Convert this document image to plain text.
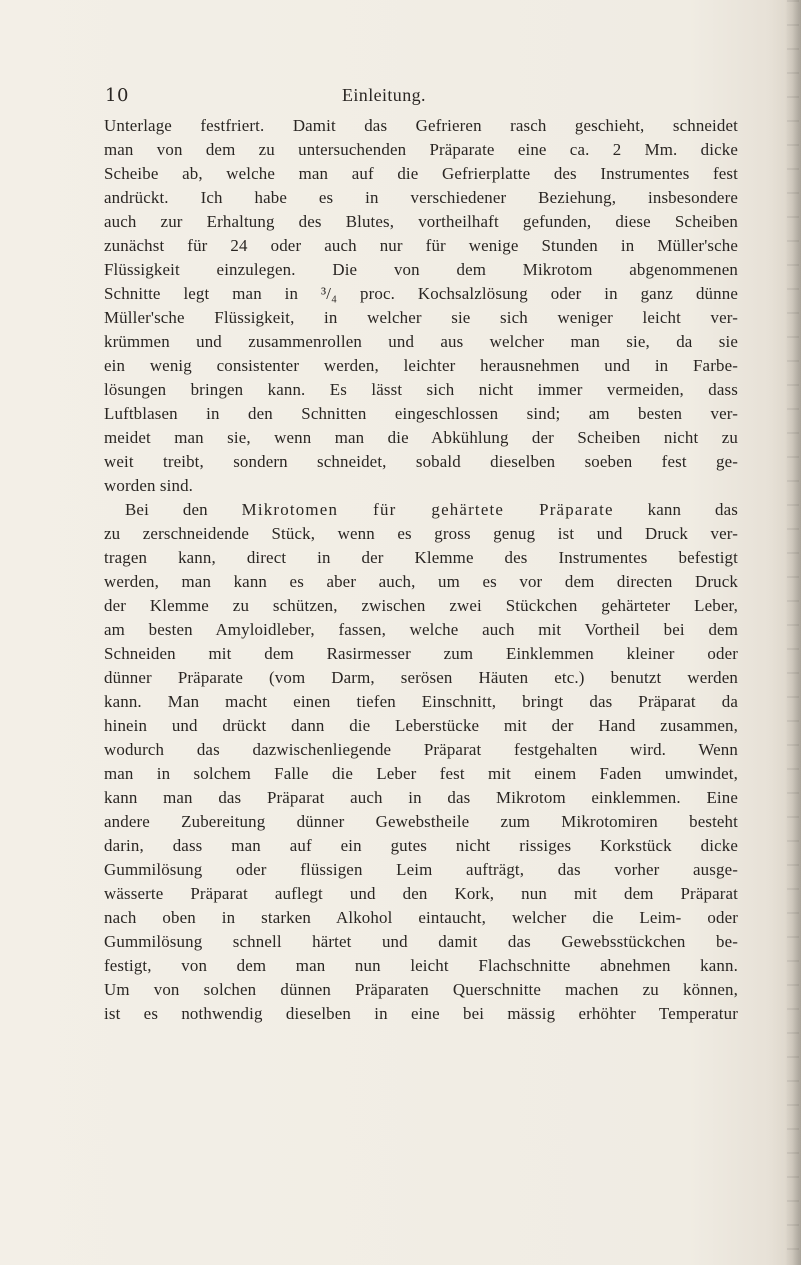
10	Einleitung.
Unterlage festfriert. Damit das Gefrieren rasch geschieht, schneidet
man von dem zu untersuchenden Präparate eine ca. 2 Mm. dicke
Scheibe ab, welche man auf die Gefrierplatte des Instrumentes fest
andrückt. Ich habe es in verschiedener Beziehung, insbesondere
auch zur Erhaltung des Blutes, vortheilhaft gefunden, diese Scheiben
zunächst für 24 oder auch nur für wenige Stunden in Müller'sche
Flüssigkeit einzulegen. Die von dem Mikrotom abgenommenen
Schnitte legt man in ³/₄ proc. Kochsalzlösung oder in ganz dünne
Müller'sche Flüssigkeit, in welcher sie sich weniger leicht ver-
krümmen und zusammenrollen und aus welcher man sie, da sie
ein wenig consistenter werden, leichter herausnehmen und in Farbe-
lösungen bringen kann. Es lässt sich nicht immer vermeiden, dass
Luftblasen in den Schnitten eingeschlossen sind; am besten ver-
meidet man sie, wenn man die Abkühlung der Scheiben nicht zu
weit treibt, sondern schneidet, sobald dieselben soeben fest ge-
worden sind.
Bei den Mikrotomen für gehärtete Präparate kann das
zu zerschneidende Stück, wenn es gross genug ist und Druck ver-
tragen kann, direct in der Klemme des Instrumentes befestigt
werden, man kann es aber auch, um es vor dem directen Druck
der Klemme zu schützen, zwischen zwei Stückchen gehärteter Leber,
am besten Amyloidleber, fassen, welche auch mit Vortheil bei dem
Schneiden mit dem Rasirmesser zum Einklemmen kleiner oder
dünner Präparate (vom Darm, serösen Häuten etc.) benutzt werden
kann. Man macht einen tiefen Einschnitt, bringt das Präparat da
hinein und drückt dann die Leberstücke mit der Hand zusammen,
wodurch das dazwischenliegende Präparat festgehalten wird. Wenn
man in solchem Falle die Leber fest mit einem Faden umwindet,
kann man das Präparat auch in das Mikrotom einklemmen. Eine
andere Zubereitung dünner Gewebstheile zum Mikrotomiren besteht
darin, dass man auf ein gutes nicht rissiges Korkstück dicke
Gummilösung oder flüssigen Leim aufträgt, das vorher ausge-
wässerte Präparat auflegt und den Kork, nun mit dem Präparat
nach oben in starken Alkohol eintaucht, welcher die Leim- oder
Gummilösung schnell härtet und damit das Gewebsstückchen be-
festigt, von dem man nun leicht Flachschnitte abnehmen kann.
Um von solchen dünnen Präparaten Querschnitte machen zu können,
ist es nothwendig dieselben in eine bei mässig erhöhter Temperatur
